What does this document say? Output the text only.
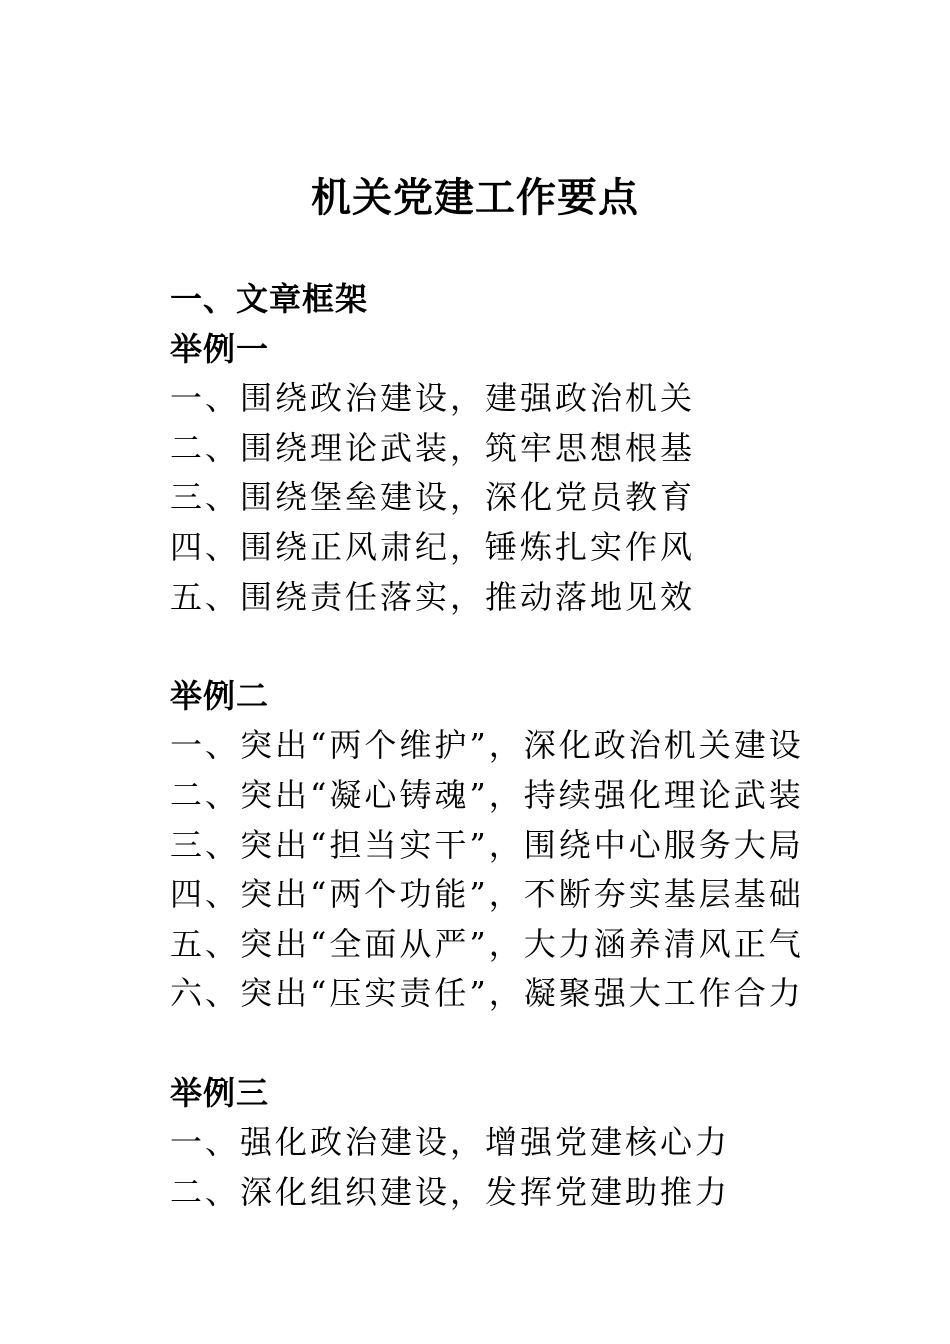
机关党建工作要点
一、文章框架
举例一
一、围绕政治建设，建强政治机关
二、围绕理论武装，筑牢思想根基
三、围绕堡垒建设，深化党员教育
四、围绕正风肃纪，锤炼扎实作风
五、围绕责任落实，推动落地见效
举例二
一、突出“两个维护”，深化政治机关建设
二、突出“凝心铸魂”，持续强化理论武装
三、突出“担当实干”，围绕中心服务大局
四、突出“两个功能”，不断夯实基层基础
五、突出“全面从严”，大力涵养清风正气
六、突出“压实责任”，凝聚强大工作合力
举例三
一、强化政治建设，增强党建核心力
二、深化组织建设，发挥党建助推力
